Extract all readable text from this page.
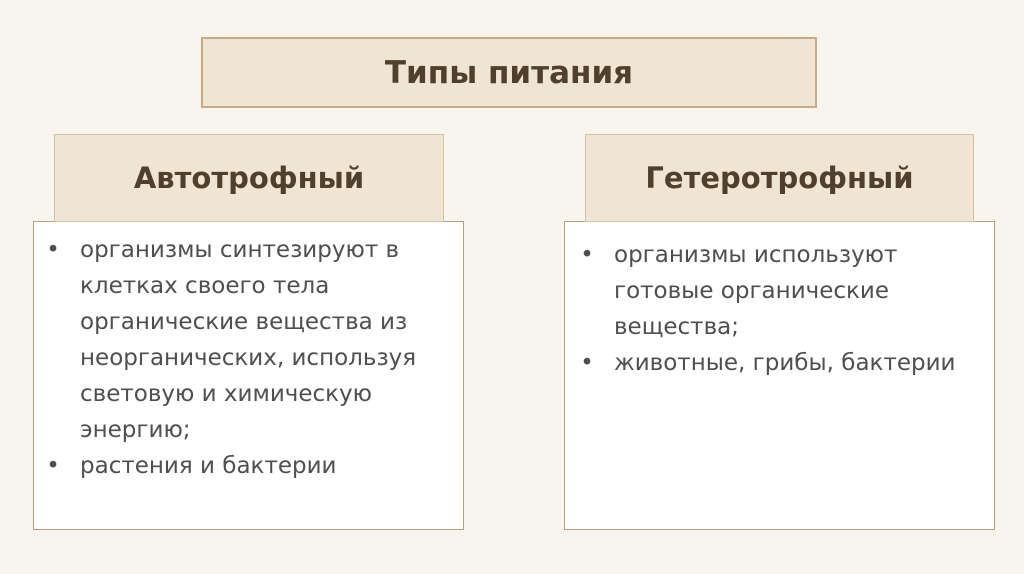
Типы питания
Автотрофный
• организмы синтезируют в клетках своего тела органические вещества из неорганических, используя световую и химическую энергию;
• растения и бактерии
Гетеротрофный
• организмы используют готовые органические вещества;
• животные, грибы, бактерии
